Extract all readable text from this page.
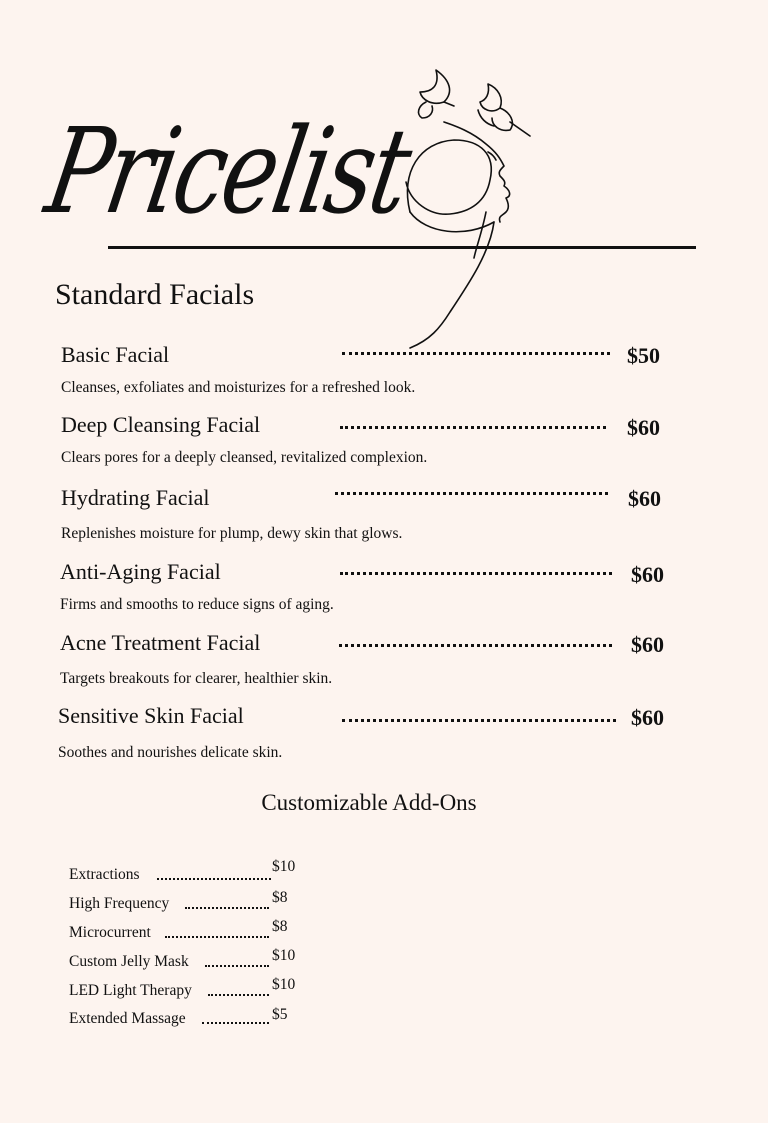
Pricelist
Standard Facials
Basic Facial	$50
Cleanses, exfoliates and moisturizes for a refreshed look.
Deep Cleansing Facial	$60
Clears pores for a deeply cleansed, revitalized complexion.
Hydrating Facial	$60
Replenishes moisture for plump, dewy skin that glows.
Anti-Aging Facial	$60
Firms and smooths to reduce signs of aging.
Acne Treatment Facial	$60
Targets breakouts for clearer, healthier skin.
Sensitive Skin Facial	$60
Soothes and nourishes delicate skin.
Customizable Add-Ons
Extractions	$10
High Frequency	$8
Microcurrent	$8
Custom Jelly Mask	$10
LED Light Therapy	$10
Extended Massage	$5
